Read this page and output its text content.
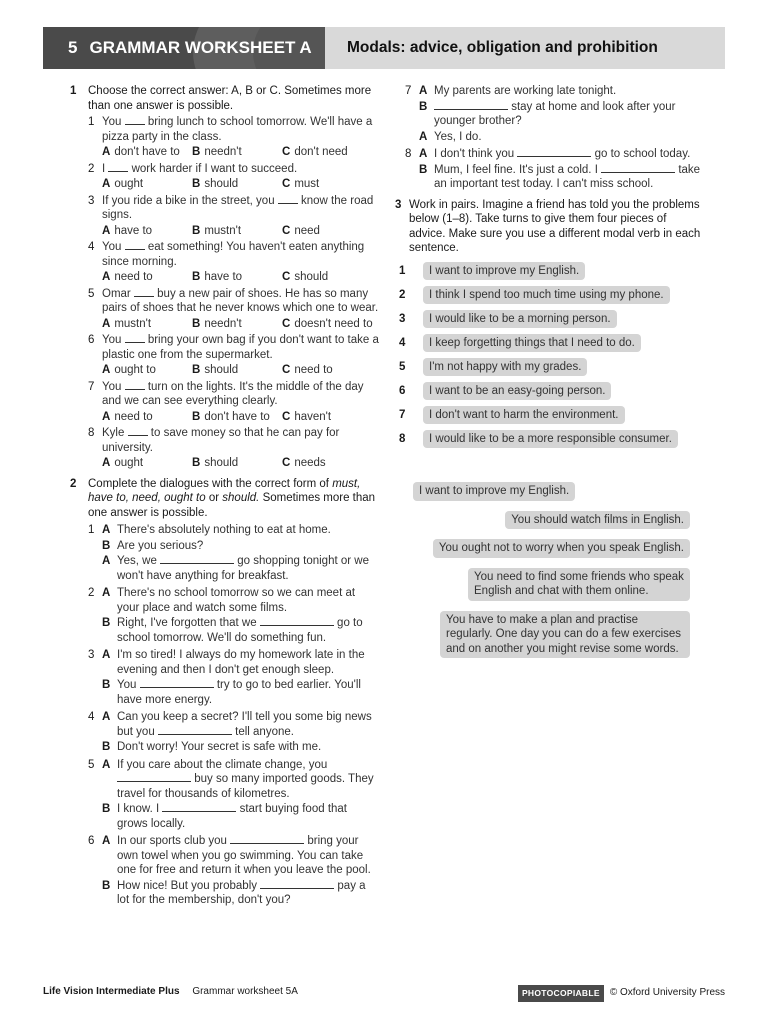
5 GRAMMAR WORKSHEET A	Modals: advice, obligation and prohibition
1 Choose the correct answer: A, B or C. Sometimes more than one answer is possible.
1 You bring lunch to school tomorrow. We'll have a pizza party in the class.
A don't have to B needn't	C don't need
2 I work harder if I want to succeed.
A ought	B should	C must
3 If you ride a bike in the street, you know the road signs.
A have to	B mustn't	C need
4 You eat something! You haven't eaten anything since morning.
A need to	B have to	C should
5 Omar buy a new pair of shoes. He has so many pairs of shoes that he never knows which one to wear.
A mustn't	B needn't	C doesn't need to
6 You bring your own bag if you don't want to take a plastic one from the supermarket.
A ought to	B should	C need to
7 You turn on the lights. It's the middle of the day and we can see everything clearly.
A need to	B don't have to C haven't
8 Kyle to save money so that he can pay for university.
A ought	B should	C needs
2 Complete the dialogues with the correct form of must, have to, need, ought to or should. Sometimes more than one answer is possible.
1 A There's absolutely nothing to eat at home.
B Are you serious?
A Yes, we	go shopping tonight or we won't have anything for breakfast.
2 A There's no school tomorrow so we can meet at your place and watch some films.
B Right, I've forgotten that we	go to school tomorrow. We'll do something fun.
3 A I'm so tired! I always do my homework late in the evening and then I don't get enough sleep.
B You	try to go to bed earlier. You'll have more energy.
4 A Can you keep a secret? I'll tell you some big news but you	tell anyone.
B Don't worry! Your secret is safe with me.
5 A If you care about the climate change, you  buy so many imported goods. They travel for thousands of kilometres.
B I know. I	start buying food that grows locally.
6 A In our sports club you	bring your own towel when you go swimming. You can take one for free and return it when you leave the pool.
B How nice! But you probably	pay a lot for the membership, don't you?
7 A My parents are working late tonight.
B	stay at home and look after your younger brother?
A Yes, I do.
8 A I don't think you	go to school today.
B Mum, I feel fine. It's just a cold. I	take an important test today. I can't miss school.
3 Work in pairs. Imagine a friend has told you the problems below (1–8). Take turns to give them four pieces of advice. Make sure you use a different modal verb in each sentence.
1 I want to improve my English.
2 I think I spend too much time using my phone.
3 I would like to be a morning person.
4 I keep forgetting things that I need to do.
5 I'm not happy with my grades.
6 I want to be an easy-going person.
7 I don't want to harm the environment.
8 I would like to be a more responsible consumer.
I want to improve my English.
You should watch films in English.
You ought not to worry when you speak English.
You need to find some friends who speak English and chat with them online.
You have to make a plan and practise regularly. One day you can do a few exercises and on another you might revise some words.
Life Vision Intermediate Plus Grammar worksheet 5A	PHOTOCOPIABLE	© Oxford University Press
